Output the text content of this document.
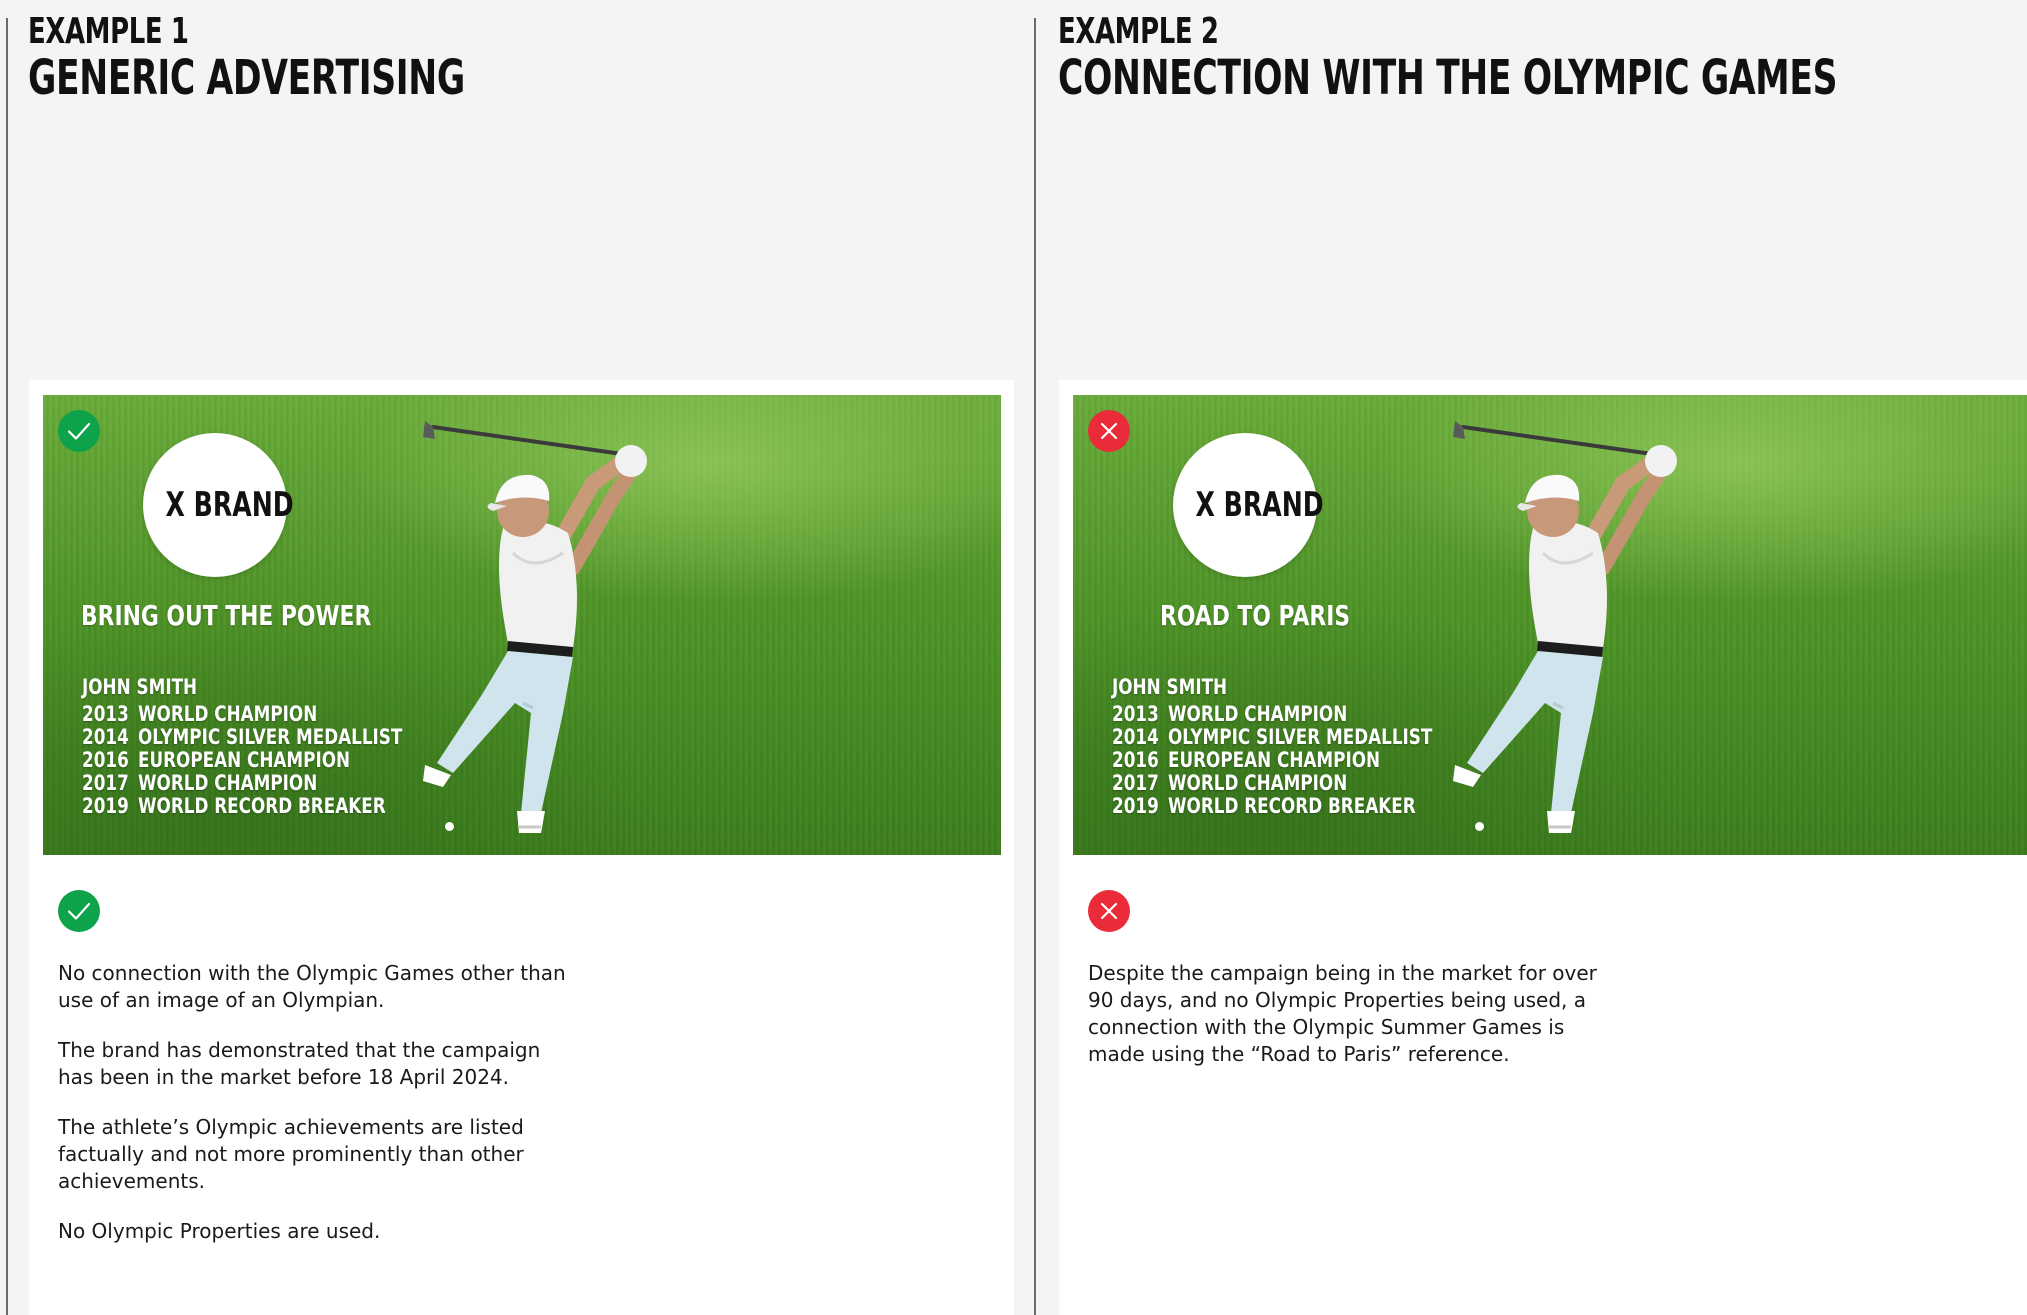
EXAMPLE 1
GENERIC ADVERTISING
X BRAND
BRING OUT THE POWER
JOHN SMITH
2013 WORLD CHAMPION
2014 OLYMPIC SILVER MEDALLIST
2016 EUROPEAN CHAMPION
2017 WORLD CHAMPION
2019 WORLD RECORD BREAKER

No connection with the Olympic Games other than use of an image of an Olympian.

The brand has demonstrated that the campaign has been in the market before 18 April 2024.

The athlete’s Olympic achievements are listed factually and not more prominently than other achievements.

No Olympic Properties are used.

EXAMPLE 2
CONNECTION WITH THE OLYMPIC GAMES
X BRAND
ROAD TO PARIS
JOHN SMITH
2013 WORLD CHAMPION
2014 OLYMPIC SILVER MEDALLIST
2016 EUROPEAN CHAMPION
2017 WORLD CHAMPION
2019 WORLD RECORD BREAKER

Despite the campaign being in the market for over 90 days, and no Olympic Properties being used, a connection with the Olympic Summer Games is made using the “Road to Paris” reference.
